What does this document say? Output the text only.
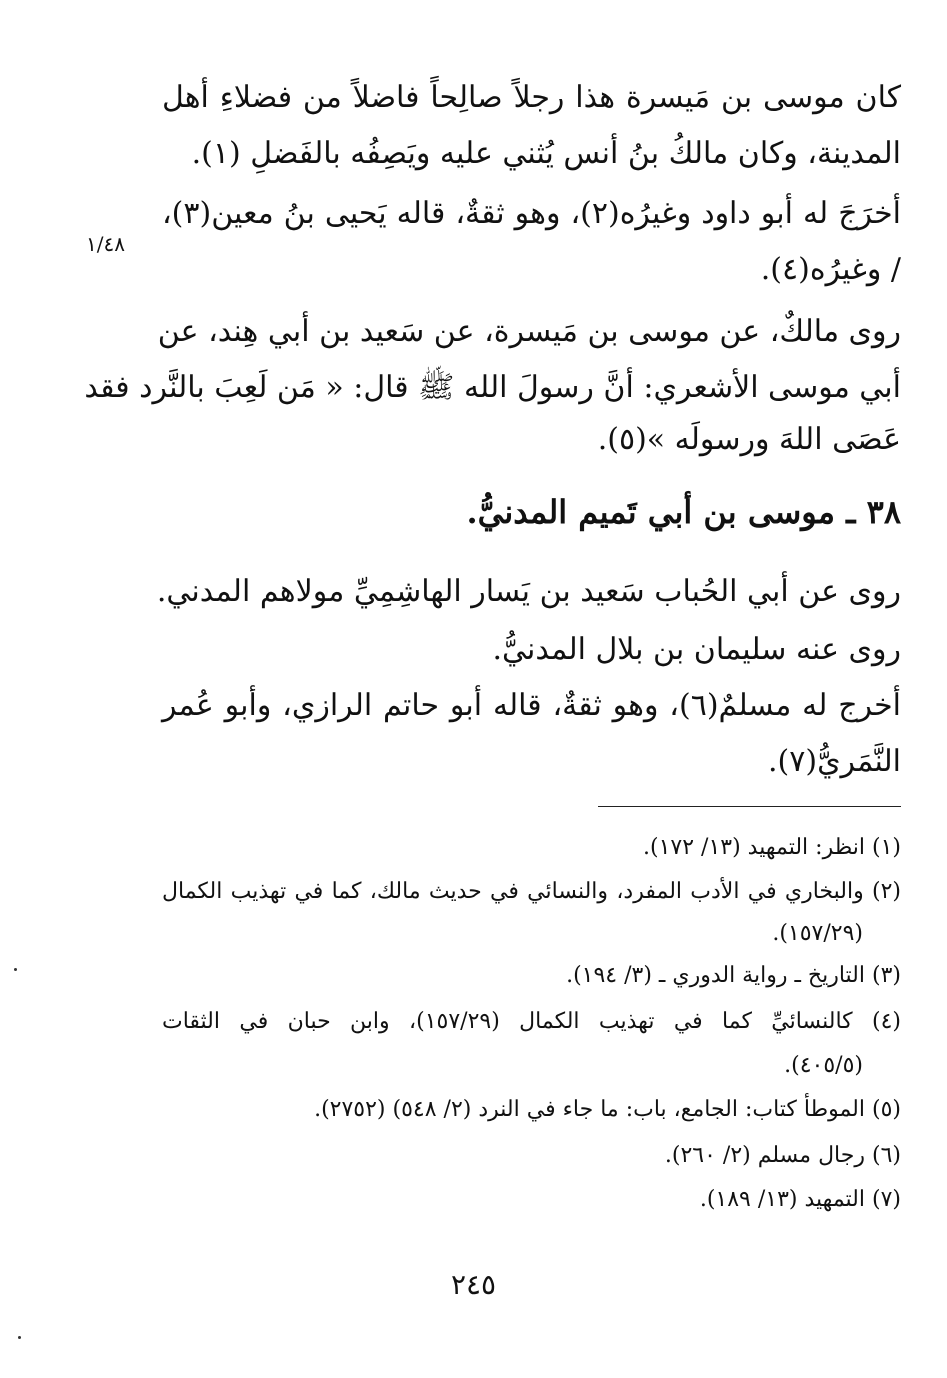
كان موسى بن مَيسرة هذا رجلاً صالِحاً فاضلاً من فضلاءِ أهل
المدينة، وكان مالكُ بنُ أنس يُثني عليه ويَصِفُه بالفَضلِ (١).
أخرَجَ له أبو داود وغيرُه(٢)، وهو ثقةٌ، قاله يَحيى بنُ معين(٣)،
/ وغيرُه(٤).
١/٤٨
روى مالكٌ، عن موسى بن مَيسرة، عن سَعيد بن أبي هِند، عن
أبي موسى الأشعري: أنَّ رسولَ الله ﷺ قال: « مَن لَعِبَ بالنَّرد فقد
عَصَى اللهَ ورسولَه »(٥).
٣٨ ـ موسى بن أبي تَميم المدنيُّ.
روى عن أبي الحُباب سَعيد بن يَسار الهاشِمِيِّ مولاهم المدني.
روى عنه سليمان بن بلال المدنيُّ.
أخرج له مسلمٌ(٦)، وهو ثقةٌ، قاله أبو حاتم الرازي، وأبو عُمر
النَّمَريُّ(٧).
(١) انظر: التمهيد (١٣/ ١٧٢).
(٢) والبخاري في الأدب المفرد، والنسائي في حديث مالك، كما في تهذيب الكمال
(١٥٧/٢٩).
(٣) التاريخ ـ رواية الدوري ـ (٣/ ١٩٤).
(٤) كالنسائيِّ كما في تهذيب الكمال (١٥٧/٢٩)، وابن حبان في الثقات
(٤٠٥/٥).
(٥) الموطأ كتاب: الجامع، باب: ما جاء في النرد (٢/ ٥٤٨) (٢٧٥٢).
(٦) رجال مسلم (٢/ ٢٦٠).
(٧) التمهيد (١٣/ ١٨٩).
٢٤٥
